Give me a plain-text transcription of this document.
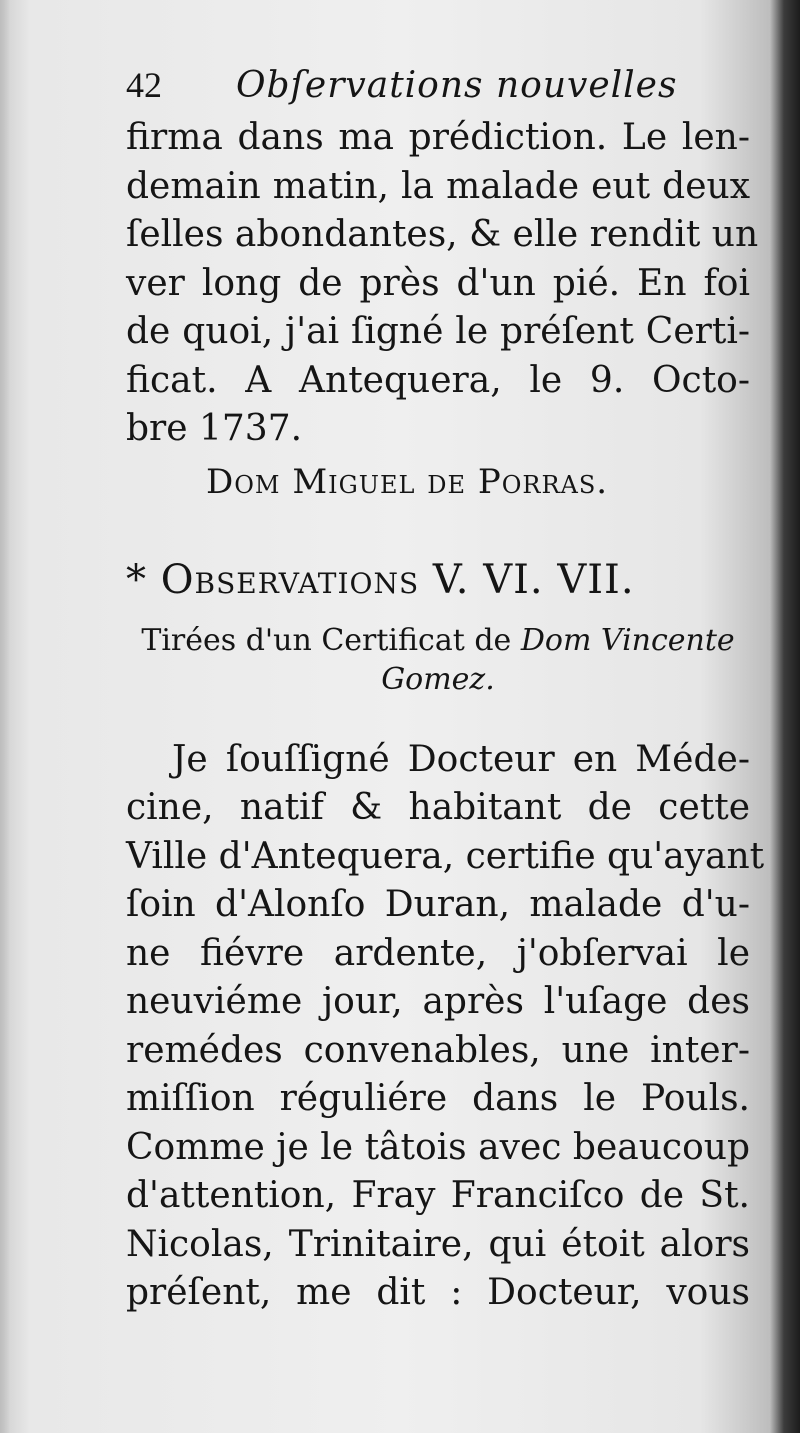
42	Obſervations nouvelles
firma dans ma prédiction. Le len-
demain matin, la malade eut deux
ſelles abondantes, & elle rendit un
ver long de près d'un pié. En foi
de quoi, j'ai ſigné le préſent Certi-
ficat. A Antequera, le 9. Octo-
bre 1737.
Dom Miguel de Porras.
* Observations V. VI. VII.
Tirées d'un Certificat de Dom Vincente
Gomez.
Je ſouſſigné Docteur en Méde-
cine, natif & habitant de cette
Ville d'Antequera, certifie qu'ayant
ſoin d'Alonſo Duran, malade d'u-
ne fiévre ardente, j'obſervai le
neuviéme jour, après l'uſage des
remédes convenables, une inter-
miſſion réguliére dans le Pouls.
Comme je le tâtois avec beaucoup
d'attention, Fray Franciſco de St.
Nicolas, Trinitaire, qui étoit alors
préſent, me dit : Docteur, vous
